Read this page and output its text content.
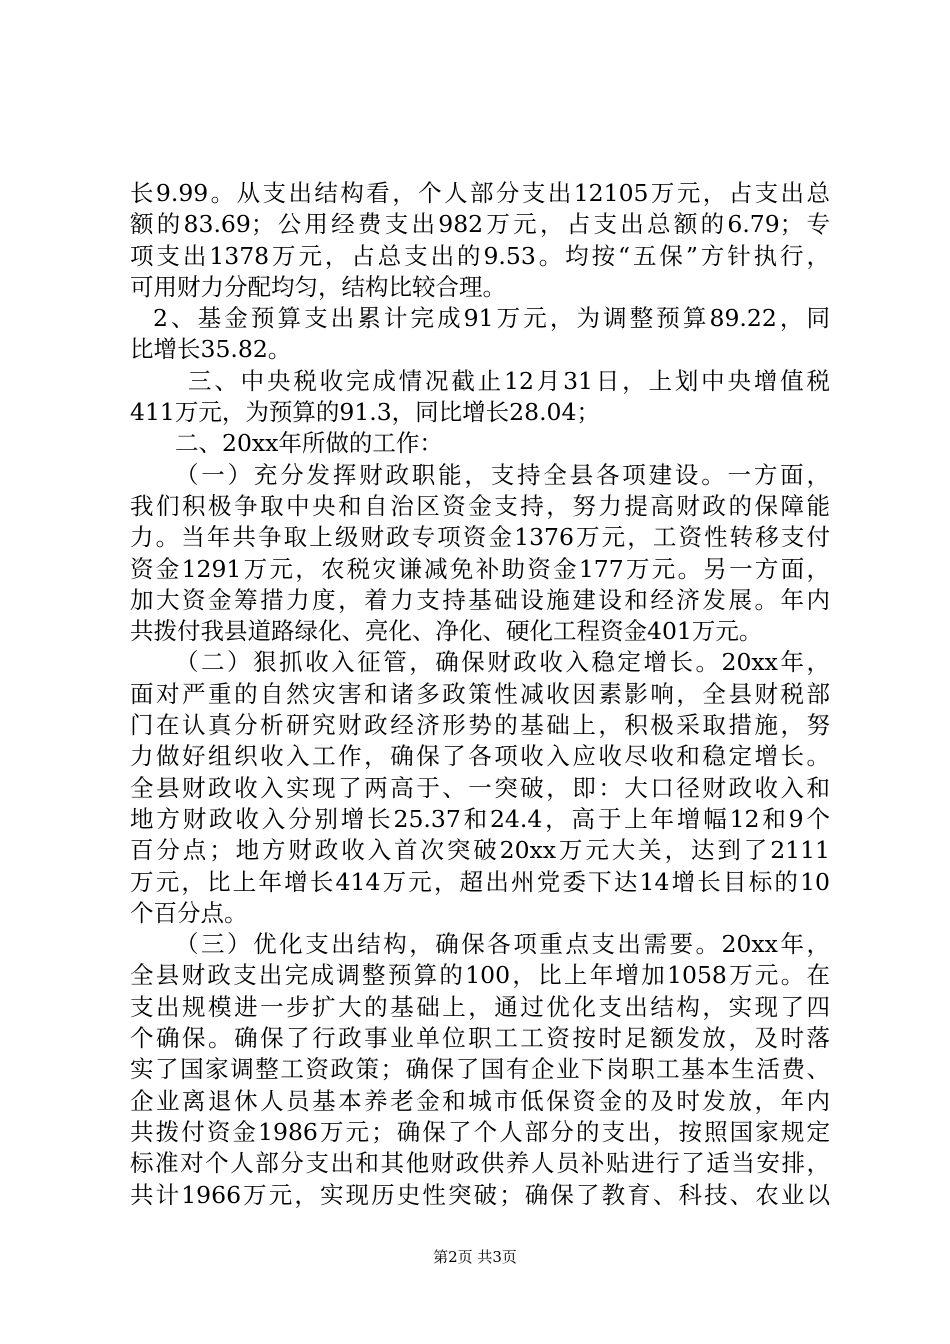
长9.99。从支出结构看，个人部分支出12105万元，占支出总
额的83.69；公用经费支出982万元，占支出总额的6.79；专
项支出1378万元，占总支出的9.53。均按“五保”方针执行，
可用财力分配均匀，结构比较合理。
2、基金预算支出累计完成91万元，为调整预算89.22，同
比增长35.82。
三、中央税收完成情况截止12月31日，上划中央增值税
411万元，为预算的91.3，同比增长28.04；
二、20xx年所做的工作：
（一）充分发挥财政职能，支持全县各项建设。一方面，
我们积极争取中央和自治区资金支持，努力提高财政的保障能
力。当年共争取上级财政专项资金1376万元，工资性转移支付
资金1291万元，农税灾谦减免补助资金177万元。另一方面，
加大资金筹措力度，着力支持基础设施建设和经济发展。年内
共拨付我县道路绿化、亮化、净化、硬化工程资金401万元。
（二）狠抓收入征管，确保财政收入稳定增长。20xx年，
面对严重的自然灾害和诸多政策性减收因素影响，全县财税部
门在认真分析研究财政经济形势的基础上，积极采取措施，努
力做好组织收入工作，确保了各项收入应收尽收和稳定增长。
全县财政收入实现了两高于、一突破，即：大口径财政收入和
地方财政收入分别增长25.37和24.4，高于上年增幅12和9个
百分点；地方财政收入首次突破20xx万元大关，达到了2111
万元，比上年增长414万元，超出州党委下达14增长目标的10
个百分点。
（三）优化支出结构，确保各项重点支出需要。20xx年，
全县财政支出完成调整预算的100，比上年增加1058万元。在
支出规模进一步扩大的基础上，通过优化支出结构，实现了四
个确保。确保了行政事业单位职工工资按时足额发放，及时落
实了国家调整工资政策；确保了国有企业下岗职工基本生活费、
企业离退休人员基本养老金和城市低保资金的及时发放，年内
共拨付资金1986万元；确保了个人部分的支出，按照国家规定
标准对个人部分支出和其他财政供养人员补贴进行了适当安排，
共计1966万元，实现历史性突破；确保了教育、科技、农业以
第2页 共3页
